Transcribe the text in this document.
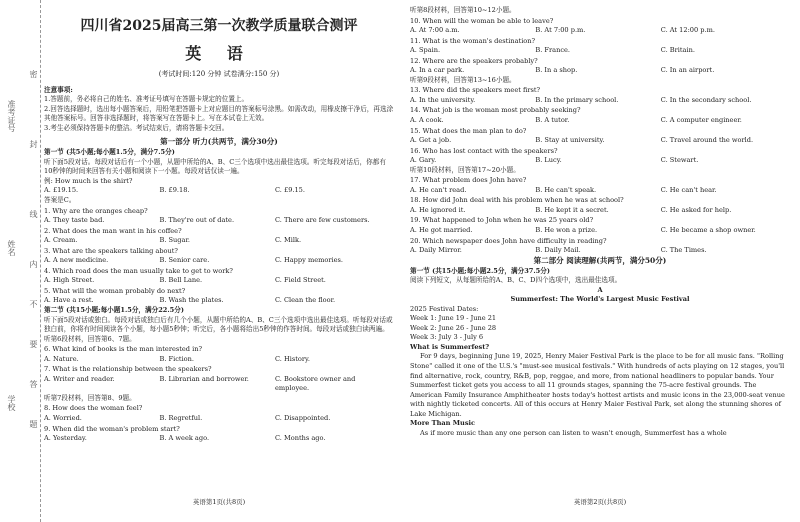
准考证号
姓名
学校
密
封
线
内
不
要
答
题
四川省2025届高三第一次教学质量联合测评
英 语
(考试时间:120 分钟 试卷满分:150 分)
注意事项:
1.答题前，务必将自己的姓名、准考证号填写在答题卡规定的位置上。
2.回答选择题时，选出每小题答案后，用铅笔把答题卡上对应题目的答案标号涂黑。如需改动，用橡皮擦干净后，再选涂其他答案标号。回答非选择题时，将答案写在答题卡上。写在本试卷上无效。
3.考生必须保持答题卡的整洁。考试结束后，请将答题卡交回。
第一部分 听力(共两节，满分30分)
第一节 (共5小题;每小题1.5分，满分7.5分)
听下面5段对话。每段对话后有一个小题，从题中所给的A、B、C三个选项中选出最佳选项。听完每段对话后，你都有10秒钟的时间来回答有关小题和阅读下一小题。每段对话仅读一遍。
例: How much is the shirt?
A. £19.15.	B. £9.18.	C. £9.15.
答案是C。
1. Why are the oranges cheap?
A. They taste bad.	B. They're out of date.	C. There are few customers.
2. What does the man want in his coffee?
A. Cream.	B. Sugar.	C. Milk.
3. What are the speakers talking about?
A. A new medicine.	B. Senior care.	C. Happy memories.
4. Which road does the man usually take to get to work?
A. High Street.	B. Bell Lane.	C. Field Street.
5. What will the woman probably do next?
A. Have a rest.	B. Wash the plates.	C. Clean the floor.
第二节 (共15小题;每小题1.5分，满分22.5分)
听下面5段对话或独白。每段对话或独白后有几个小题，从题中所给的A、B、C三个选项中选出最佳选项。听每段对话或独白前，你将有时间阅读各个小题，每小题5秒钟；听完后，各小题将给出5秒钟的作答时间。每段对话或独白读两遍。
听第6段材料，回答第6、7题。
6. What kind of books is the man interested in?
A. Nature.	B. Fiction.	C. History.
7. What is the relationship between the speakers?
A. Writer and reader.	B. Librarian and borrower.	C. Bookstore owner and employee.
听第7段材料，回答第8、9题。
8. How does the woman feel?
A. Worried.	B. Regretful.	C. Disappointed.
9. When did the woman's problem start?
A. Yesterday.	B. A week ago.	C. Months ago.
英语第1页(共8页)
听第8段材料，回答第10~12小题。
10. When will the woman be able to leave?
A. At 7:00 a.m.	B. At 7:00 p.m.	C. At 12:00 p.m.
11. What is the woman's destination?
A. Spain.	B. France.	C. Britain.
12. Where are the speakers probably?
A. In a car park.	B. In a shop.	C. In an airport.
听第9段材料，回答第13~16小题。
13. Where did the speakers meet first?
A. In the university.	B. In the primary school.	C. In the secondary school.
14. What job is the woman most probably seeking?
A. A cook.	B. A tutor.	C. A computer engineer.
15. What does the man plan to do?
A. Get a job.	B. Stay at university.	C. Travel around the world.
16. Who has lost contact with the speakers?
A. Gary.	B. Lucy.	C. Stewart.
听第10段材料，回答第17~20小题。
17. What problem does John have?
A. He can't read.	B. He can't speak.	C. He can't hear.
18. How did John deal with his problem when he was at school?
A. He ignored it.	B. He kept it a secret.	C. He asked for help.
19. What happened to John when he was 25 years old?
A. He got married.	B. He won a prize.	C. He became a shop owner.
20. Which newspaper does John have difficulty in reading?
A. Daily Mirror.	B. Daily Mail.	C. The Times.
第二部分 阅读理解(共两节，满分50分)
第一节 (共15小题;每小题2.5分，满分37.5分)
阅读下列短文，从每题所给的A、B、C、D四个选项中，选出最佳选项。
A
Summerfest: The World's Largest Music Festival
2025 Festival Dates:
Week 1: June 19 - June 21
Week 2: June 26 - June 28
Week 3: July 3 - July 6
What is Summerfest?
For 9 days, beginning June 19, 2025, Henry Maier Festival Park is the place to be for all music fans. "Rolling Stone" called it one of the U.S.'s "must-see musical festivals." With hundreds of acts playing on 12 stages, you'll find alternative, rock, country, R&B, pop, reggae, and more, from national headliners to popular bands. Your Summerfest ticket gets you access to all 11 grounds stages, spanning the 75-acre festival grounds. The American Family Insurance Amphitheater hosts today's hottest artists and music icons in the 23,000-seat venue with nightly ticketed concerts. All of this occurs at Henry Maier Festival Park, set along the stunning shores of Lake Michigan.
More Than Music
As if more music than any one person can listen to wasn't enough, Summerfest has a whole
英语第2页(共8页)
